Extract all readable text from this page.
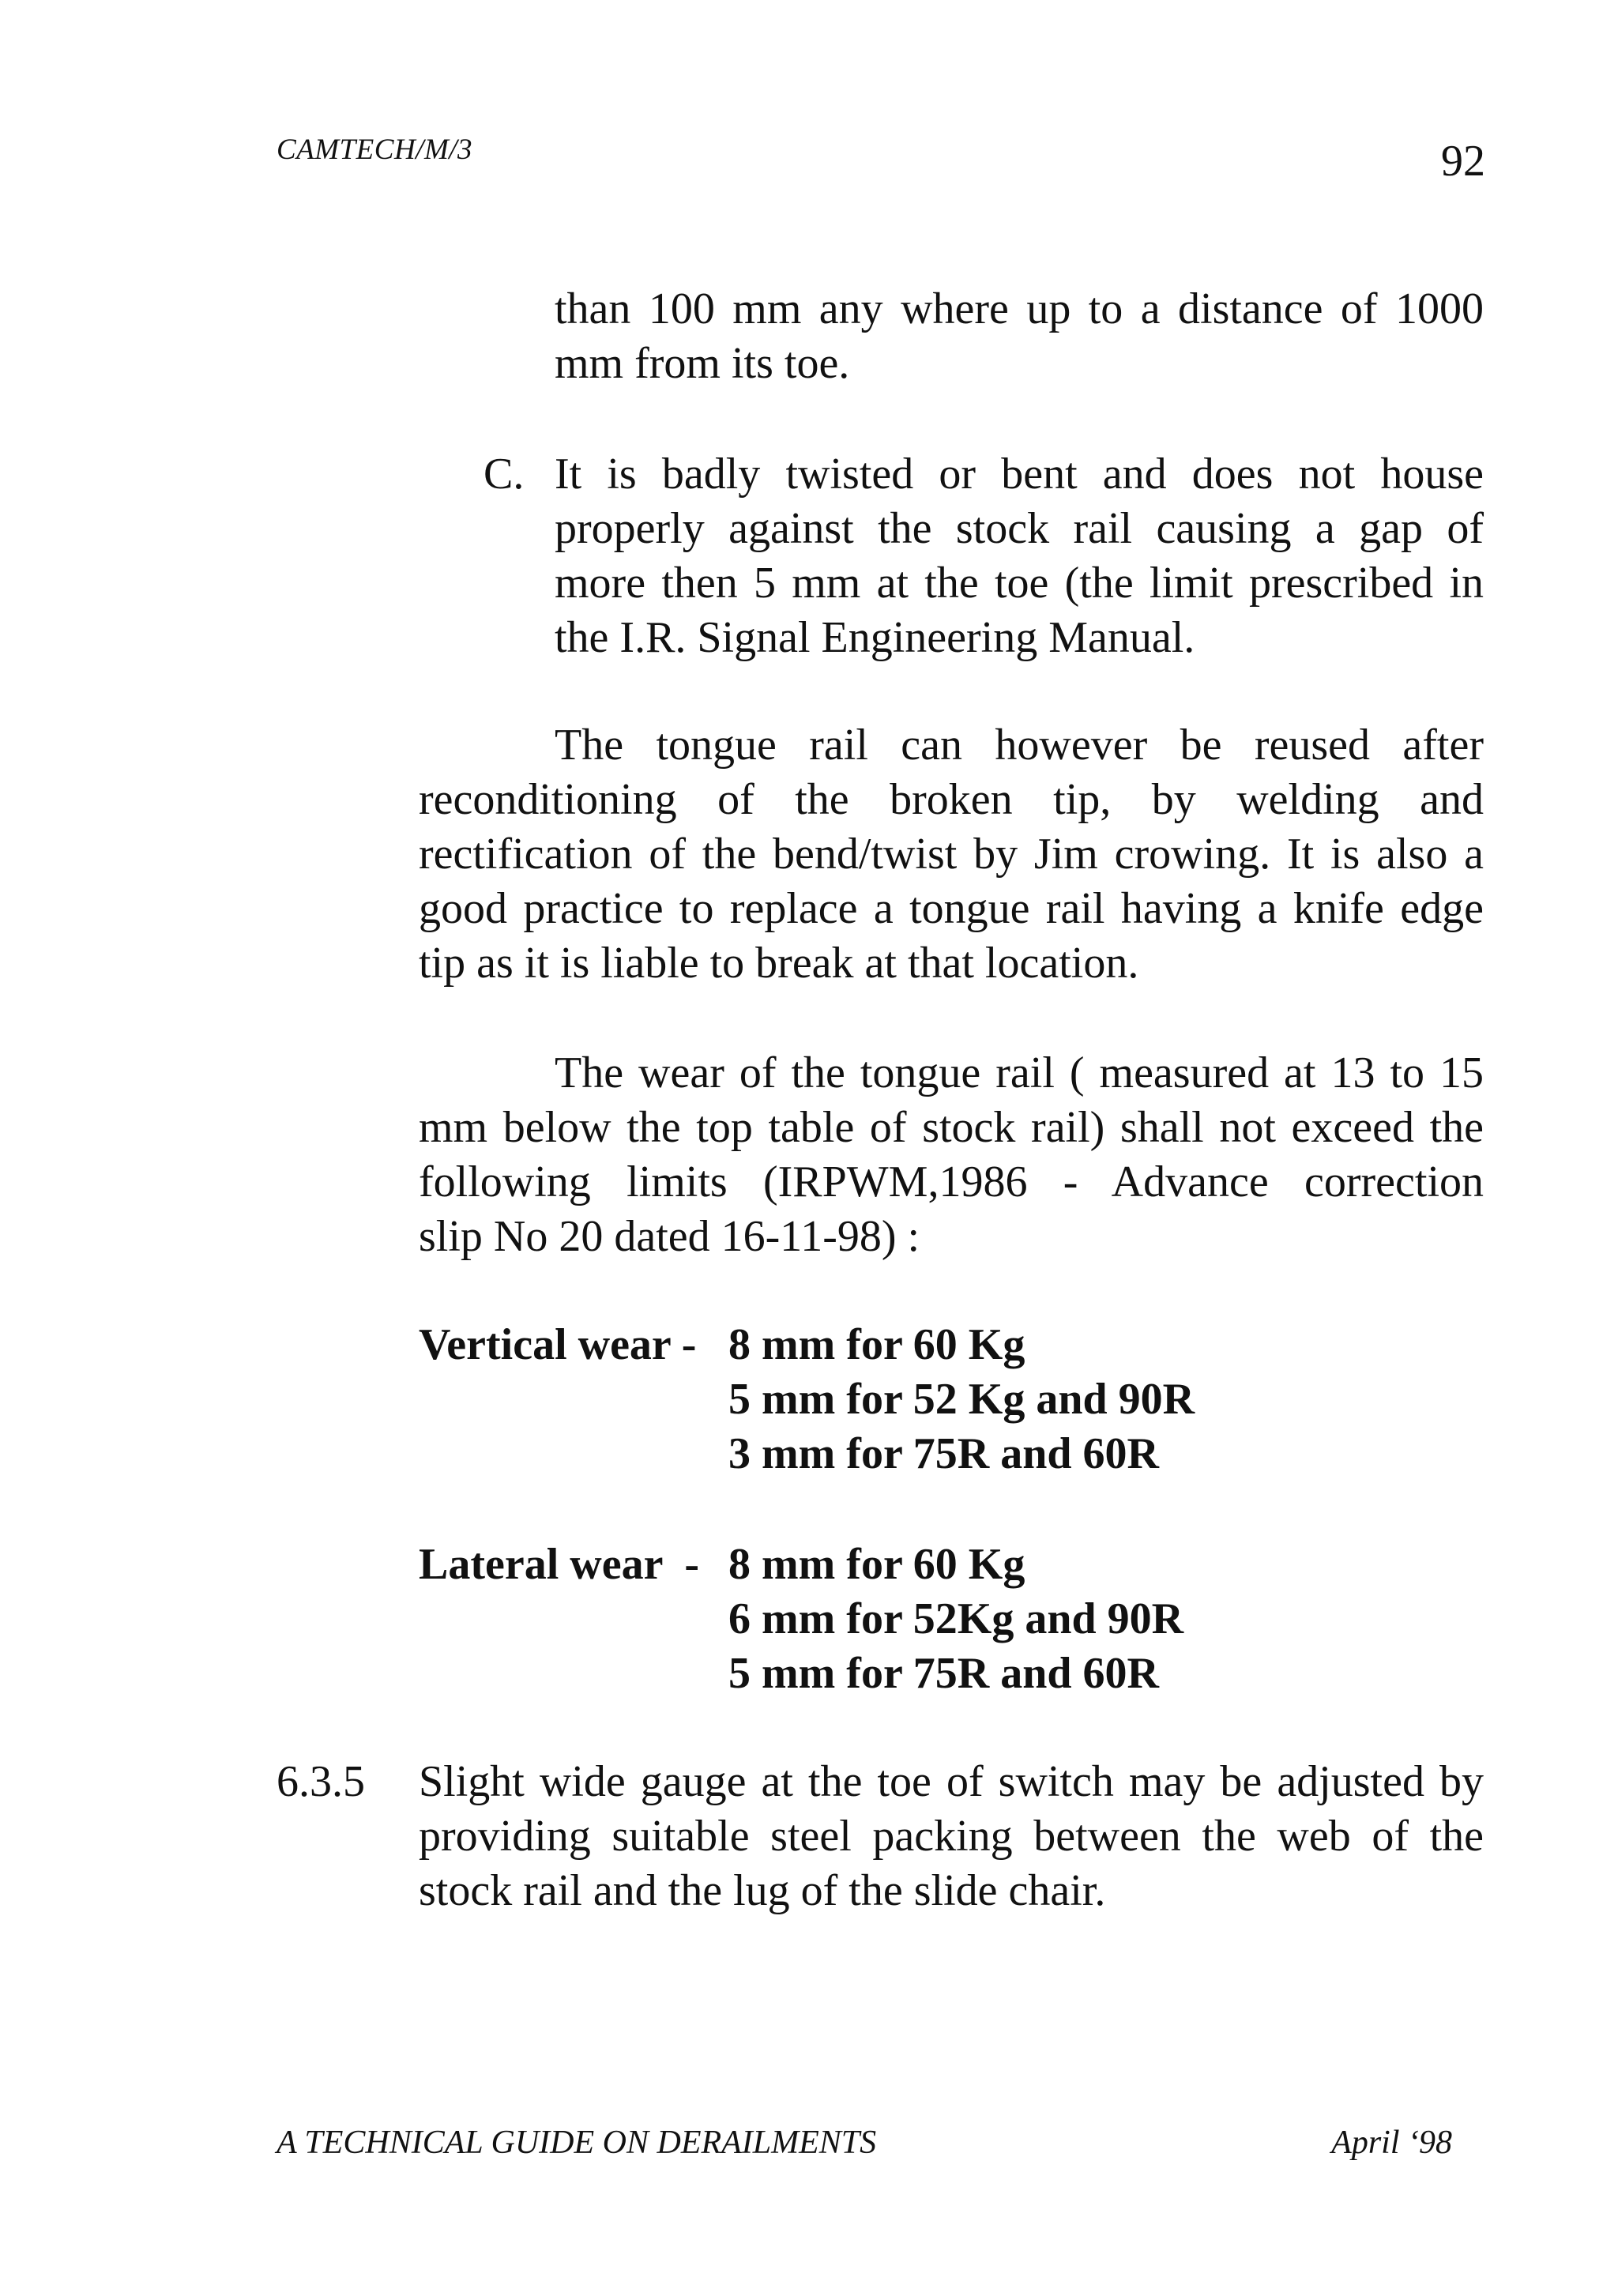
CAMTECH/M/3	92
than 100 mm any where up to a distance of 1000
mm from its toe.
C. It is badly twisted or bent and does not house
properly against the stock rail causing a gap of
more then 5 mm at the toe (the limit prescribed in
the I.R. Signal Engineering Manual.
The tongue rail can however be reused after
reconditioning of the broken tip, by welding and
rectification of the bend/twist by Jim crowing. It is also a
good practice to replace a tongue rail having a knife edge
tip as it is liable to break at that location.
The wear of the tongue rail ( measured at 13 to 15
mm below the top table of stock rail) shall not exceed the
following limits (IRPWM,1986 - Advance correction
slip No 20 dated 16-11-98) :
Vertical wear - 8 mm for 60 Kg
5 mm for 52 Kg and 90R
3 mm for 75R and 60R
Lateral wear  - 8 mm for 60 Kg
6 mm for 52Kg and 90R
5 mm for 75R and 60R
6.3.5 Slight wide gauge at the toe of switch may be adjusted by
providing suitable steel packing between the web of the
stock rail and the lug of the slide chair.
A TECHNICAL GUIDE ON DERAILMENTS	April ‘98
